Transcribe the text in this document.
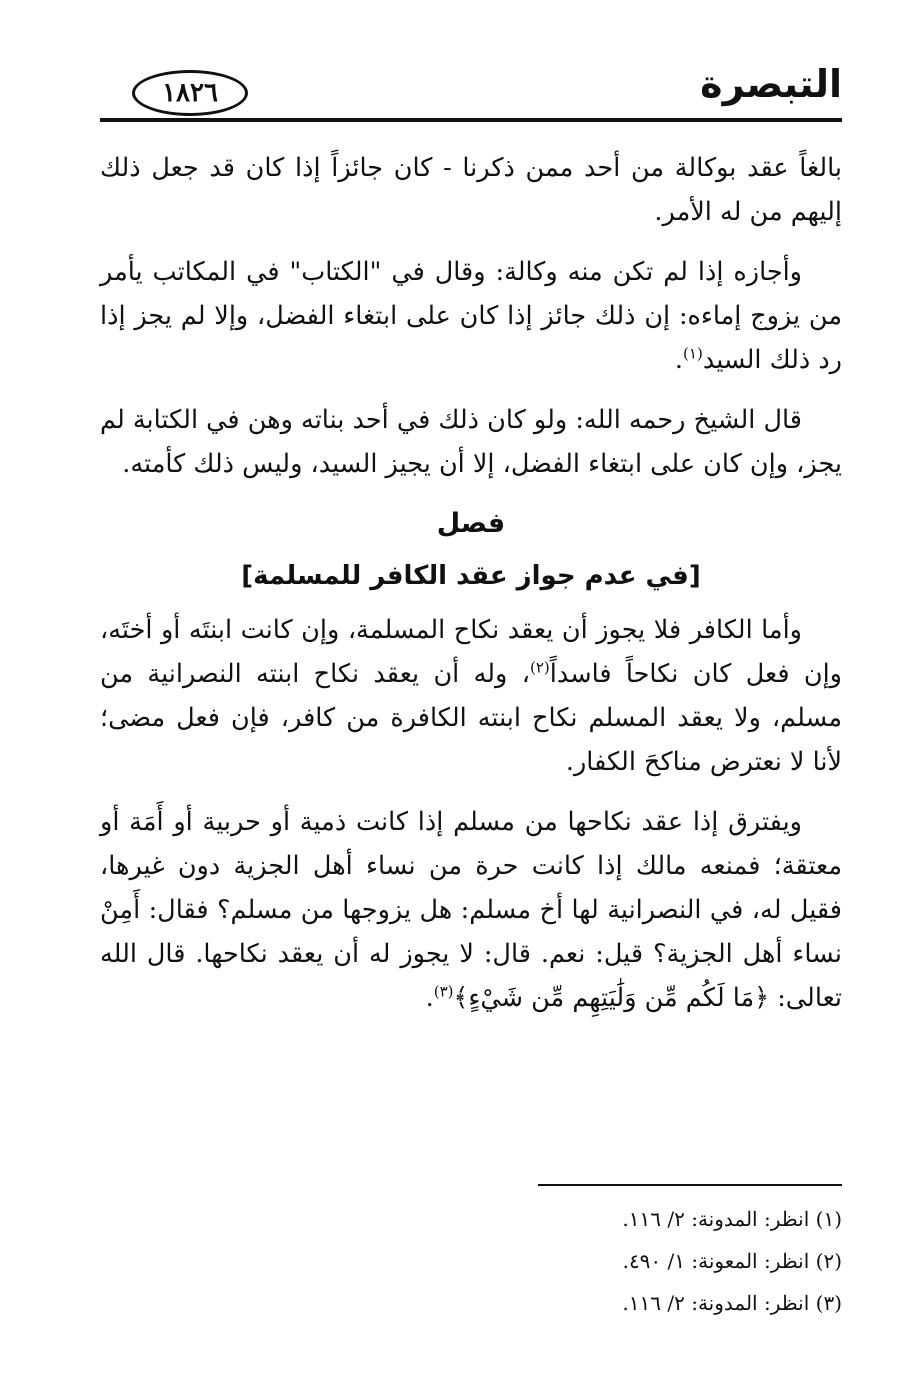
التبصرة
١٨٢٦

بالغاً عقد بوكالة من أحد ممن ذكرنا - كان جائزاً إذا كان قد جعل ذلك إليهم من له الأمر.

وأجازه إذا لم تكن منه وكالة: وقال في "الكتاب" في المكاتب يأمر من يزوج إماءه: إن ذلك جائز إذا كان على ابتغاء الفضل، وإلا لم يجز إذا رد ذلك السيد$^{(١)}$.

قال الشيخ رحمه الله: ولو كان ذلك في أحد بناته وهن في الكتابة لم يجز، وإن كان على ابتغاء الفضل، إلا أن يجيز السيد، وليس ذلك كأمته.

فصل
[في عدم جواز عقد الكافر للمسلمة]

وأما الكافر فلا يجوز أن يعقد نكاح المسلمة، وإن كانت ابنتَه أو أختَه، وإن فعل كان نكاحاً فاسداً$^{(٢)}$، وله أن يعقد نكاح ابنته النصرانية من مسلم، ولا يعقد المسلم نكاح ابنته الكافرة من كافر، فإن فعل مضى؛ لأنا لا نعترض مناكحَ الكفار.

ويفترق إذا عقد نكاحها من مسلم إذا كانت ذمية أو حربية أو أَمَة أو معتقة؛ فمنعه مالك إذا كانت حرة من نساء أهل الجزية دون غيرها، فقيل له، في النصرانية لها أخ مسلم: هل يزوجها من مسلم؟ فقال: أَمِنْ نساء أهل الجزية؟ قيل: نعم. قال: لا يجوز له أن يعقد نكاحها. قال الله تعالى: ﴿مَا لَكُم مِّن وَلَٰيَتِهِم مِّن شَيْءٍ﴾$^{(٣)}$.

(١) انظر: المدونة: ٢/ ١١٦.
(٢) انظر: المعونة: ١/ ٤٩٠.
(٣) انظر: المدونة: ٢/ ١١٦.
